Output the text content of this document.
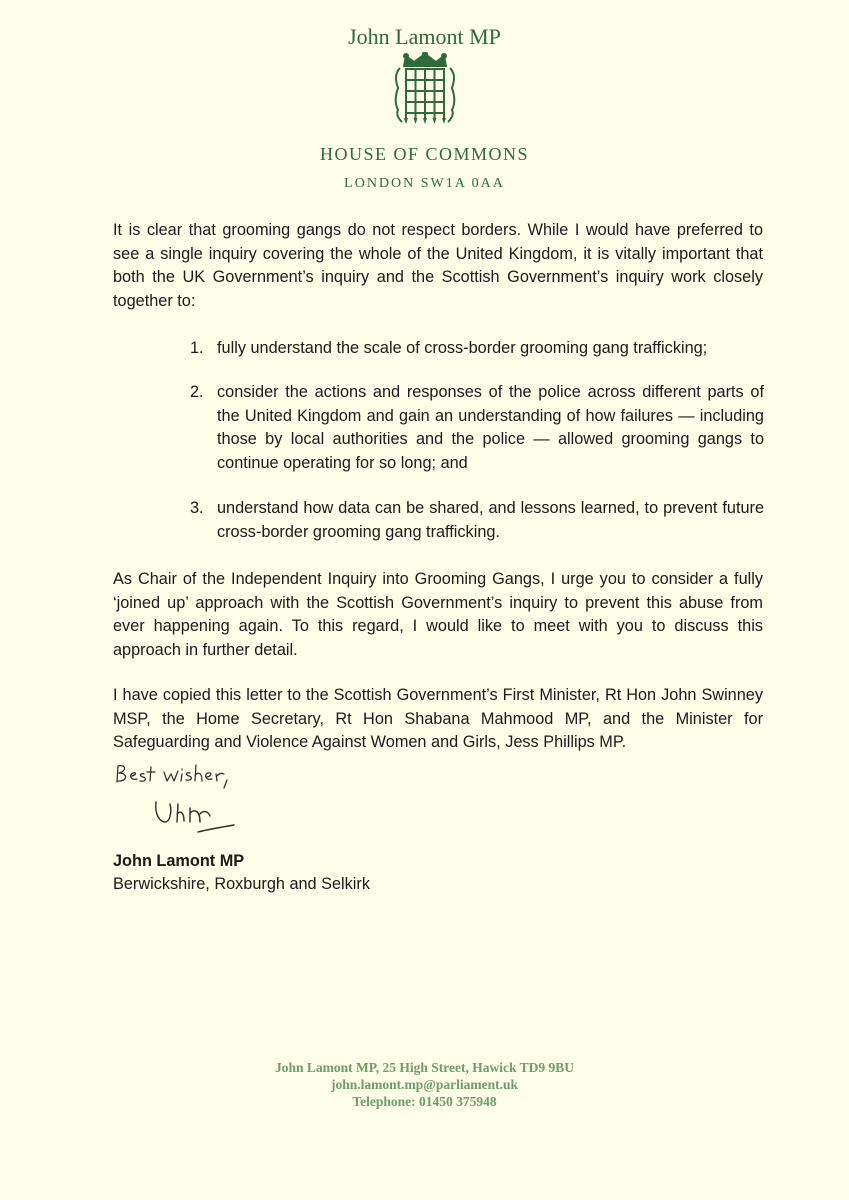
John Lamont MP
HOUSE OF COMMONS
LONDON SW1A 0AA

It is clear that grooming gangs do not respect borders. While I would have preferred to see a single inquiry covering the whole of the United Kingdom, it is vitally important that both the UK Government’s inquiry and the Scottish Government’s inquiry work closely together to:

1. fully understand the scale of cross-border grooming gang trafficking;
2. consider the actions and responses of the police across different parts of the United Kingdom and gain an understanding of how failures — including those by local authorities and the police — allowed grooming gangs to continue operating for so long; and
3. understand how data can be shared, and lessons learned, to prevent future cross-border grooming gang trafficking.

As Chair of the Independent Inquiry into Grooming Gangs, I urge you to consider a fully ‘joined up’ approach with the Scottish Government’s inquiry to prevent this abuse from ever happening again. To this regard, I would like to meet with you to discuss this approach in further detail.

I have copied this letter to the Scottish Government’s First Minister, Rt Hon John Swinney MSP, the Home Secretary, Rt Hon Shabana Mahmood MP, and the Minister for Safeguarding and Violence Against Women and Girls, Jess Phillips MP.

John Lamont MP
Berwickshire, Roxburgh and Selkirk
John Lamont MP, 25 High Street, Hawick TD9 9BU
john.lamont.mp@parliament.uk
Telephone: 01450 375948
